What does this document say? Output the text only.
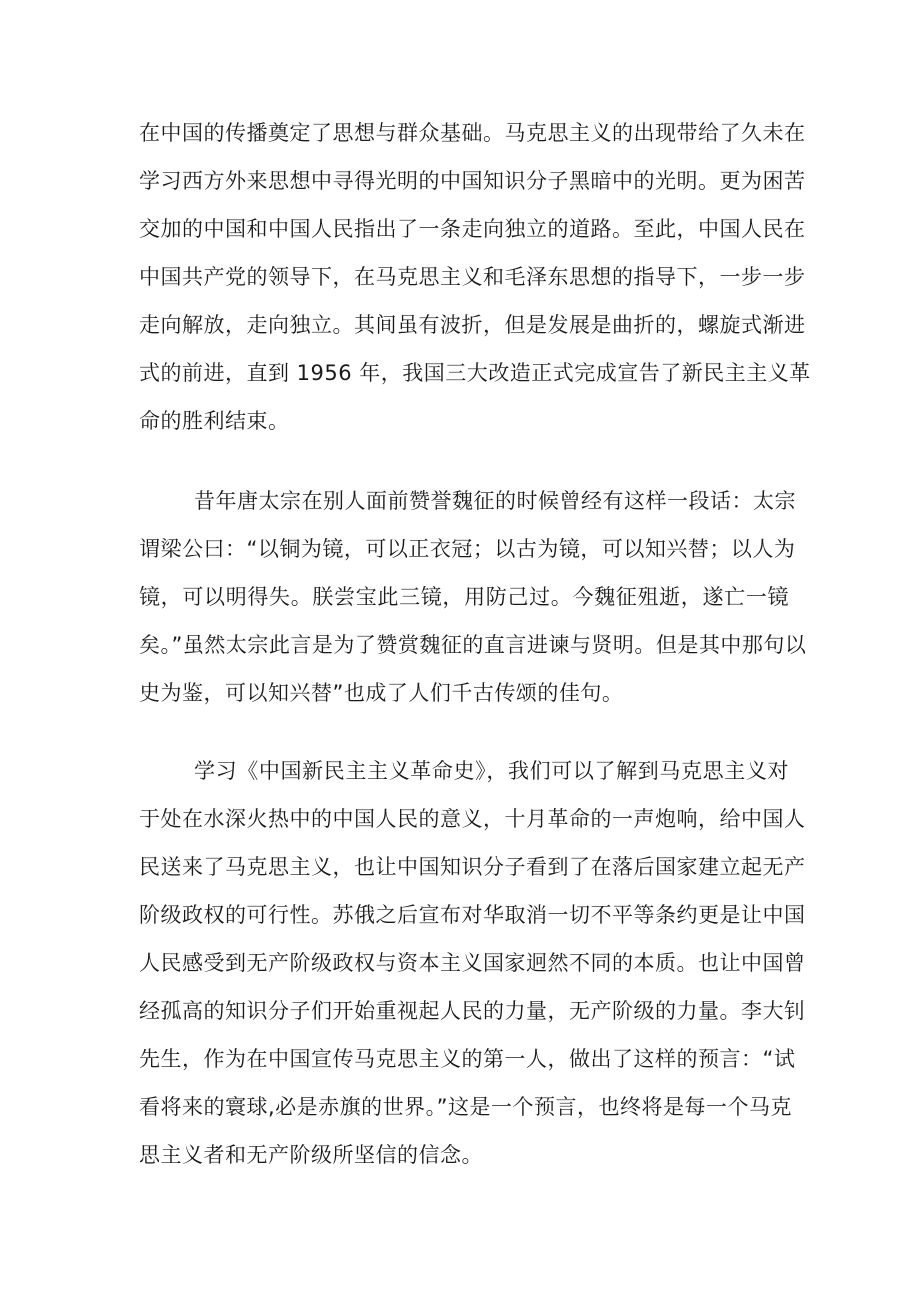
在中国的传播奠定了思想与群众基础。马克思主义的出现带给了久未在
学习西方外来思想中寻得光明的中国知识分子黑暗中的光明。更为困苦
交加的中国和中国人民指出了一条走向独立的道路。至此，中国人民在
中国共产党的领导下，在马克思主义和毛泽东思想的指导下，一步一步
走向解放，走向独立。其间虽有波折，但是发展是曲折的，螺旋式渐进
式的前进，直到 1956 年，我国三大改造正式完成宣告了新民主主义革
命的胜利结束。
昔年唐太宗在别人面前赞誉魏征的时候曾经有这样一段话：太宗
谓梁公曰：“以铜为镜，可以正衣冠；以古为镜，可以知兴替；以人为
镜，可以明得失。朕尝宝此三镜，用防己过。今魏征殂逝，遂亡一镜
矣。”虽然太宗此言是为了赞赏魏征的直言进谏与贤明。但是其中那句以
史为鉴，可以知兴替”也成了人们千古传颂的佳句。
学习《中国新民主主义革命史》，我们可以了解到马克思主义对
于处在水深火热中的中国人民的意义，十月革命的一声炮响，给中国人
民送来了马克思主义，也让中国知识分子看到了在落后国家建立起无产
阶级政权的可行性。苏俄之后宣布对华取消一切不平等条约更是让中国
人民感受到无产阶级政权与资本主义国家迥然不同的本质。也让中国曾
经孤高的知识分子们开始重视起人民的力量，无产阶级的力量。李大钊
先生，作为在中国宣传马克思主义的第一人，做出了这样的预言：“试
看将来的寰球,必是赤旗的世界。”这是一个预言，也终将是每一个马克
思主义者和无产阶级所坚信的信念。
